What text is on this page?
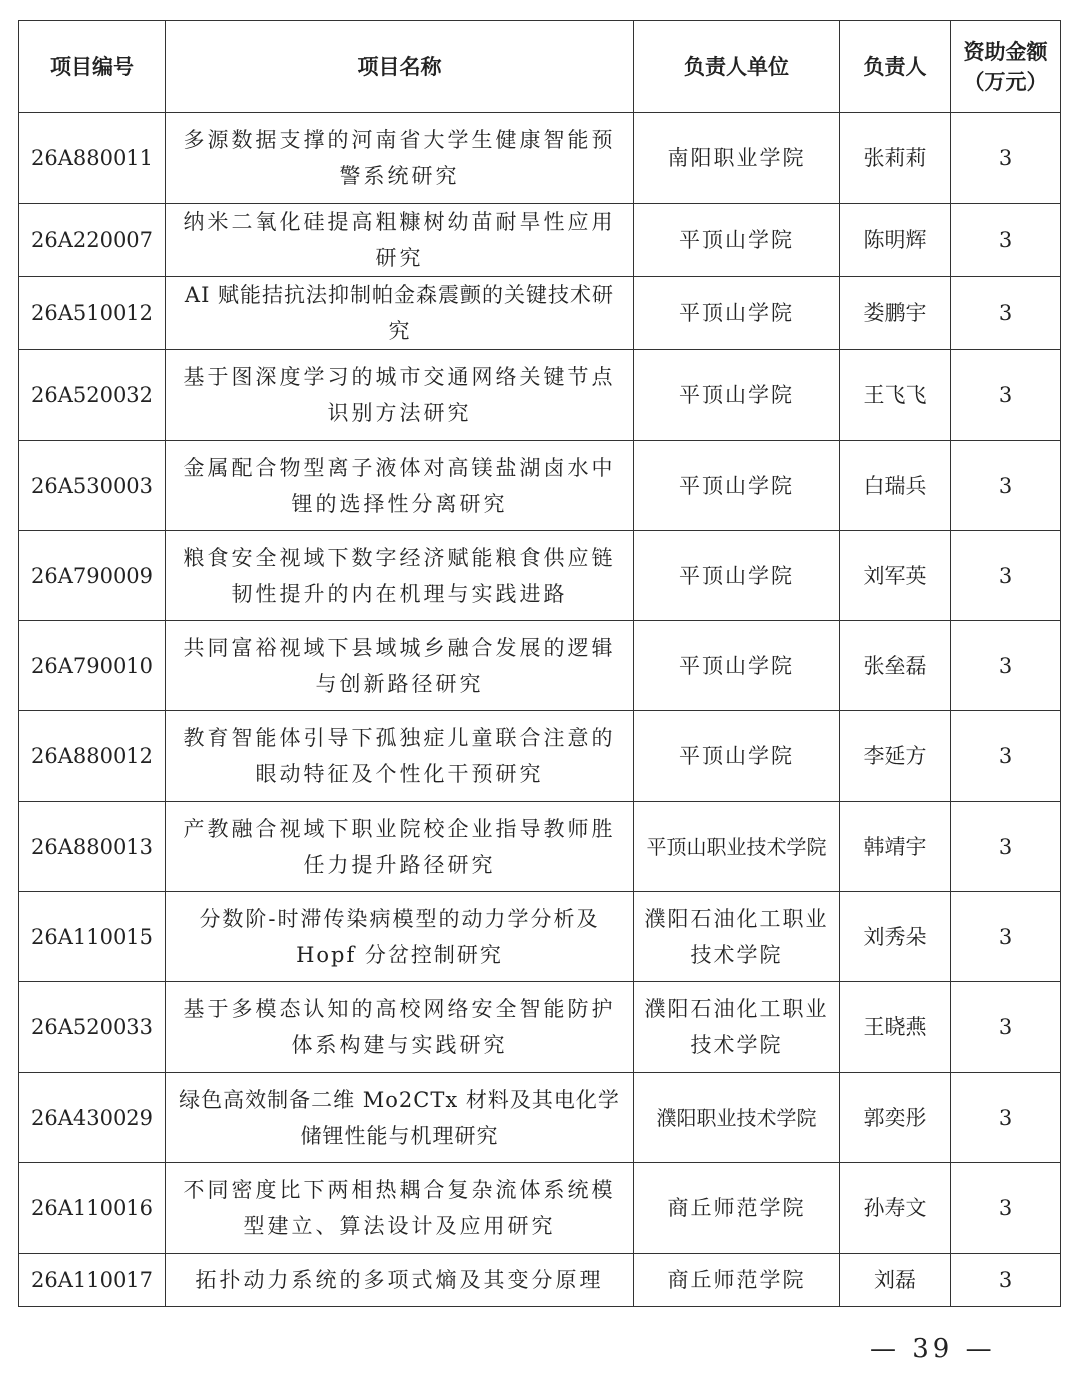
项目编号	项目名称	负责人单位	负责人	资助金额
（万元）

26A880011	多源数据支撑的河南省大学生健康智能预警系统研究	南阳职业学院	张莉莉	3
26A220007	纳米二氧化硅提高粗糠树幼苗耐旱性应用研究	平顶山学院	陈明辉	3
26A510012	AI 赋能拮抗法抑制帕金森震颤的关键技术研究	平顶山学院	娄鹏宇	3
26A520032	基于图深度学习的城市交通网络关键节点识别方法研究	平顶山学院	王飞飞	3
26A530003	金属配合物型离子液体对高镁盐湖卤水中锂的选择性分离研究	平顶山学院	白瑞兵	3
26A790009	粮食安全视域下数字经济赋能粮食供应链韧性提升的内在机理与实践进路	平顶山学院	刘军英	3
26A790010	共同富裕视域下县域城乡融合发展的逻辑与创新路径研究	平顶山学院	张垒磊	3
26A880012	教育智能体引导下孤独症儿童联合注意的眼动特征及个性化干预研究	平顶山学院	李延方	3
26A880013	产教融合视域下职业院校企业指导教师胜任力提升路径研究	平顶山职业技术学院	韩靖宇	3
26A110015	分数阶-时滞传染病模型的动力学分析及 Hopf 分岔控制研究	濮阳石油化工职业技术学院	刘秀朵	3
26A520033	基于多模态认知的高校网络安全智能防护体系构建与实践研究	濮阳石油化工职业技术学院	王晓燕	3
26A430029	绿色高效制备二维 Mo2CTx 材料及其电化学储锂性能与机理研究	濮阳职业技术学院	郭奕彤	3
26A110016	不同密度比下两相热耦合复杂流体系统模型建立、算法设计及应用研究	商丘师范学院	孙寿文	3
26A110017	拓扑动力系统的多项式熵及其变分原理	商丘师范学院	刘磊	3
— 39 —
